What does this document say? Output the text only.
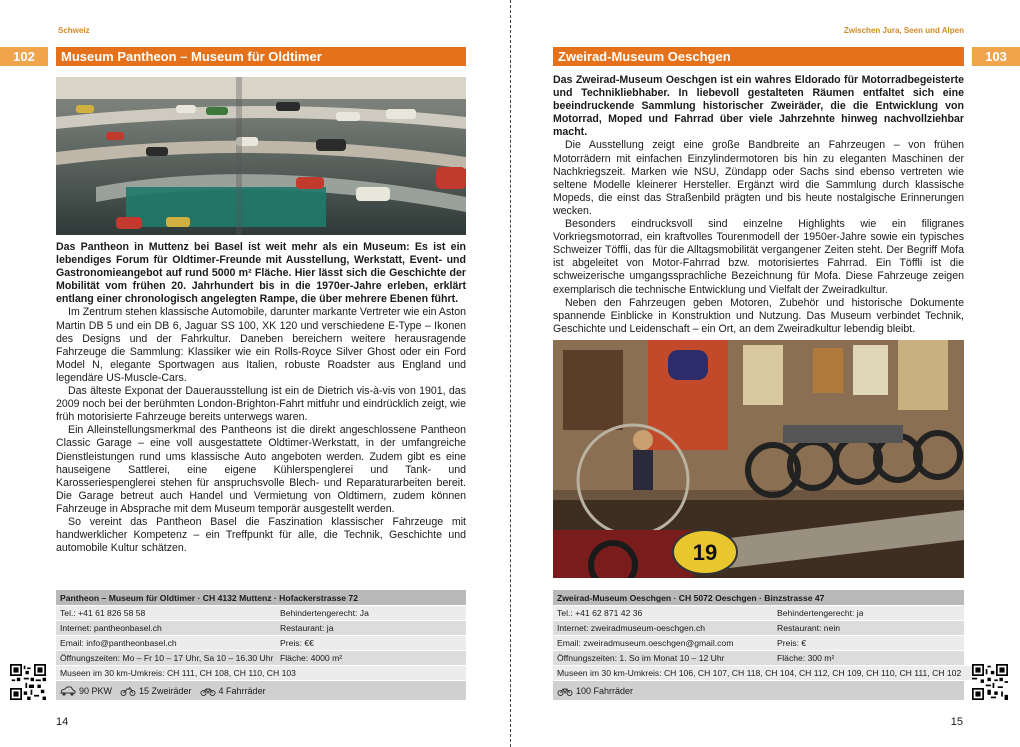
Schweiz
102	Museum Pantheon – Museum für Oldtimer

Das Pantheon in Muttenz bei Basel ist weit mehr als ein Museum: Es ist ein lebendiges Forum für Oldtimer-Freunde mit Ausstellung, Werkstatt, Event- und Gastronomieangebot auf rund 5000 m² Fläche. Hier lässt sich die Geschichte der Mobilität vom frühen 20. Jahrhundert bis in die 1970er-Jahre erleben, erklärt entlang einer chronologisch angelegten Rampe, die über mehrere Ebenen führt.

Im Zentrum stehen klassische Automobile, darunter markante Vertreter wie ein Aston Martin DB 5 und ein DB 6, Jaguar SS 100, XK 120 und verschiedene E-Type – Ikonen des Designs und der Fahrkultur. Daneben bereichern weitere herausragende Fahrzeuge die Sammlung: Klassiker wie ein Rolls-Royce Silver Ghost oder ein Ford Model N, elegante Sportwagen aus Italien, robuste Roadster aus England und legendäre US-Muscle-Cars.

Das älteste Exponat der Dauerausstellung ist ein de Dietrich vis-à-vis von 1901, das 2009 noch bei der berühmten London-Brighton-Fahrt mitfuhr und eindrücklich zeigt, wie früh motorisierte Fahrzeuge bereits unterwegs waren.

Ein Alleinstellungsmerkmal des Pantheons ist die direkt angeschlossene Pantheon Classic Garage – eine voll ausgestattete Oldtimer-Werkstatt, in der umfangreiche Dienstleistungen rund ums klassische Auto angeboten werden. Zudem gibt es eine hauseigene Sattlerei, eine eigene Kühlerspenglerei und Tank- und Karosseriespenglerei stehen für anspruchsvolle Blech- und Reparaturarbeiten bereit. Die Garage betreut auch Handel und Vermietung von Oldtimern, zudem können Fahrzeuge in Absprache mit dem Museum temporär ausgestellt werden.

So vereint das Pantheon Basel die Faszination klassischer Fahrzeuge mit handwerklicher Kompetenz – ein Treffpunkt für alle, die Technik, Geschichte und automobile Kultur schätzen.

Pantheon – Museum für Oldtimer · CH 4132 Muttenz · Hofackerstrasse 72
Tel.: +41 61 826 58 58	Behindertengerecht: Ja
Internet: pantheonbasel.ch	Restaurant: ja
Email: info@pantheonbasel.ch	Preis: €€
Öffnungszeiten: Mo – Fr 10 – 17 Uhr, Sa 10 – 16.30 Uhr Fläche: 4000 m²
Museen im 30 km-Umkreis: CH 111, CH 108, CH 110, CH 103
90 PKW	15 Zweiräder	4 Fahrräder
14
Zwischen Jura, Seen und Alpen
103
Zweirad-Museum Oeschgen

Das Zweirad-Museum Oeschgen ist ein wahres Eldorado für Motorradbegeisterte und Technikliebhaber. In liebevoll gestalteten Räumen entfaltet sich eine beeindruckende Sammlung historischer Zweiräder, die die Entwicklung von Motorrad, Moped und Fahrrad über viele Jahrzehnte hinweg nachvollziehbar macht.

Die Ausstellung zeigt eine große Bandbreite an Fahrzeugen – von frühen Motorrädern mit einfachen Einzylindermotoren bis hin zu eleganten Maschinen der Nachkriegszeit. Marken wie NSU, Zündapp oder Sachs sind ebenso vertreten wie seltene Modelle kleinerer Hersteller. Ergänzt wird die Sammlung durch klassische Mopeds, die einst das Straßenbild prägten und bis heute nostalgische Erinnerungen wecken.

Besonders eindrucksvoll sind einzelne Highlights wie ein filigranes Vorkriegsmotorrad, ein kraftvolles Tourenmodell der 1950er-Jahre sowie ein typisches Schweizer Töffli, das für die Alltagsmobilität vergangener Zeiten steht. Der Begriff Mofa ist abgeleitet von Motor-Fahrrad bzw. motorisiertes Fahrrad. Ein Töffli ist die schweizerische umgangssprachliche Bezeichnung für Mofa. Diese Fahrzeuge zeigen exemplarisch die technische Entwicklung und Vielfalt der Zweiradkultur.

Neben den Fahrzeugen geben Motoren, Zubehör und historische Dokumente spannende Einblicke in Konstruktion und Nutzung. Das Museum verbindet Technik, Geschichte und Leidenschaft – ein Ort, an dem Zweiradkultur lebendig bleibt.

19
Zweirad-Museum Oeschgen · CH 5072 Oeschgen · Binzstrasse 47
Tel.: +41 62 871 42 36	Behindertengerecht: ja
Internet: zweiradmuseum-oeschgen.ch	Restaurant: nein
Email: zweiradmuseum.oeschgen@gmail.com	Preis: €
Öffnungszeiten: 1. So im Monat 10 – 12 Uhr	Fläche: 300 m²
Museen im 30 km-Umkreis: CH 106, CH 107, CH 118, CH 104, CH 112, CH 109, CH 110, CH 111, CH 102
100 Fahrräder
15
